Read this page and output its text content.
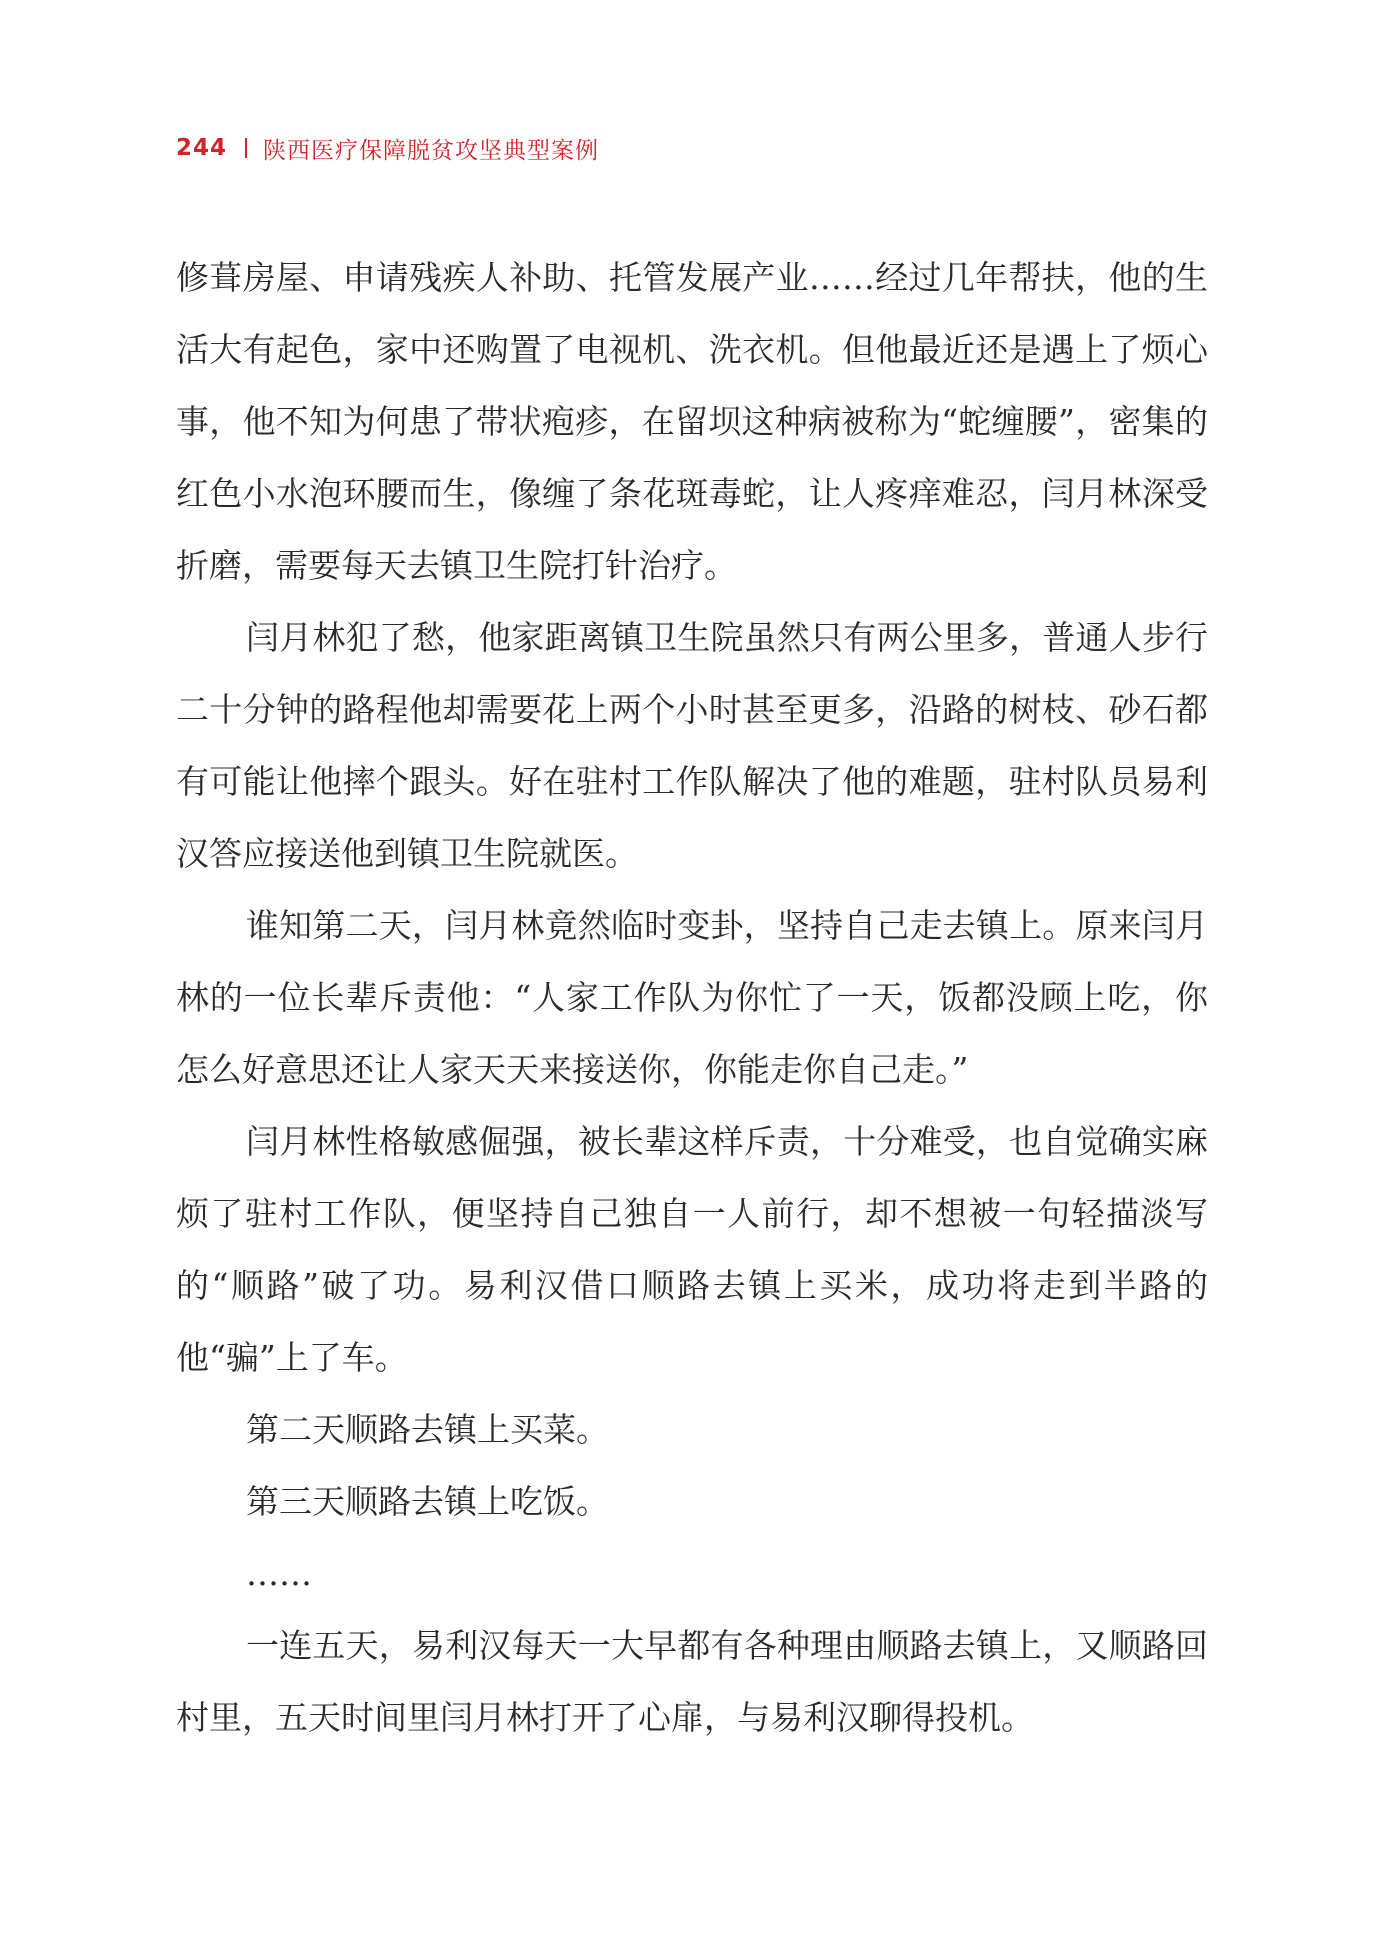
244 陕西医疗保障脱贫攻坚典型案例

修葺房屋、申请残疾人补助、托管发展产业……经过几年帮扶，他的生活大有起色，家中还购置了电视机、洗衣机。但他最近还是遇上了烦心事，他不知为何患了带状疱疹，在留坝这种病被称为“蛇缠腰”，密集的红色小水泡环腰而生，像缠了条花斑毒蛇，让人疼痒难忍，闫月林深受折磨，需要每天去镇卫生院打针治疗。

闫月林犯了愁，他家距离镇卫生院虽然只有两公里多，普通人步行二十分钟的路程他却需要花上两个小时甚至更多，沿路的树枝、砂石都有可能让他摔个跟头。好在驻村工作队解决了他的难题，驻村队员易利汉答应接送他到镇卫生院就医。

谁知第二天，闫月林竟然临时变卦，坚持自己走去镇上。原来闫月林的一位长辈斥责他：“人家工作队为你忙了一天，饭都没顾上吃，你怎么好意思还让人家天天来接送你，你能走你自己走。”

闫月林性格敏感倔强，被长辈这样斥责，十分难受，也自觉确实麻烦了驻村工作队，便坚持自己独自一人前行，却不想被一句轻描淡写的“顺路”破了功。易利汉借口顺路去镇上买米，成功将走到半路的他“骗”上了车。

第二天顺路去镇上买菜。

第三天顺路去镇上吃饭。

……

一连五天，易利汉每天一大早都有各种理由顺路去镇上，又顺路回村里，五天时间里闫月林打开了心扉，与易利汉聊得投机。
